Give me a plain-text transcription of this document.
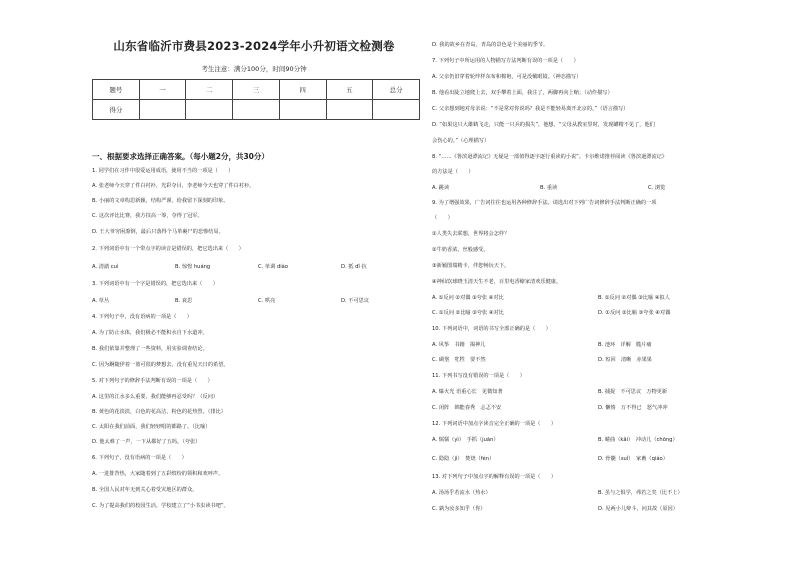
山东省临沂市费县2023-2024学年小升初语文检测卷
考生注意：满分100分，时间90分钟
题号	一	二	三	四	五	总分
得分						
一、根据要求选择正确答案。（每小题2分，共30分）
1. 同学们在习作中很爱运用成语，使用不当的一项是（　　）
A. 张老师今天穿了件白衬衫，光彩夺目，李老师今天也穿了件白衬衫。
B. 小丽的文章构思新颖，结构严谨，给我留下深刻的印象。
C. 这次评比比赛，我方技高一筹，夺得了冠军。
D. 王大爷穷困潦倒，最后只落得个马革裹尸的悲惨结局。
2. 下列词语中有一个带点字的读音是错误的，把它选出来（　　）
A. 清澈 cuì	B. 惊惶 huáng	C. 单调 diào	D. 抵 dǐ 抗
3. 下列词语中有一个字是错误的，把它选出来（　　）
A. 草丛	B. 衰思	C. 哄亮	D. 不可思议
4. 下列句子中，没有语病的一项是（　　）
A. 为了防止水体，我们极必不能积水自下水道冲。
B. 我们依靠并整理了一些资料，用实验调查结论。
C. 因为錒随伊着一篮可很的梦想去，没有重见天日的希望。
5. 对下列句子的修辞手法判断有误的一项是（　　）
A. 这里的江水多么重要，我们能够再忍受吗？（反问）
B. 黄色的花淡淡，白色的花高洁，粉色的花热烈。（排比）
C. 太阳在我们前面，我们轻轻唱的都路了。（比喻）
D. 他太难了一声，一下从都好了五吗。（夸张）
6. 下列句子，没有语病的一项是（　　）
A. 一进排背热，大家随着到了五彩缤纷的领积和欢呼声。
B. 全国人民对年无到关心着受灾地区的群众。
C. 为了提高我们的校园生活，学校建立了“小书虫读书吧”。
D. 我的故乡在青岛，青岛的景色是个美丽的季节。
7. 下列句子中所运用的人物描写方法判断有误的一项是（　　）
A. 父亲仍旧穿着轮绊样东布和棉袍，可是没戴眼镜。（神态描写）
B. 他看出陡立地爬上去，双手攀着上面，我注了，两脚再向上缩；（动作描写）
C. 父亲想到地对母亲说：“不是常对你说吗？我是不能轻易离开北京的。”（语言描写）
D. “如果这只大雄鹤飞走，只能一只兵的损失”，他想，“父母从教室里时，发现罐精不见了，他们
会伤心的。”（心理描写）
8. “……《鲁滨逊漂流记》无疑是一部值得逐字逐行重读的小说”。卡尔维诺推荐阅读《鲁滨逊漂流记》
的方法是（　　）
A. 跳读	B. 重读	C. 浏览
9. 为了增强效果，广告词往往也运用各种修辞手法。请选出对下列广告词修辞手法判断正确的一项
（　　）
①人类失去联想，世界将会怎样？
②牛奶香浓，丝般感受。
③新颖图瑞精卡，伴您畅玩天下。
④神仙饮球晓玉清天生不老，百里电香缭家清欢乐健康。
A. ①反问 ②对偶 ③夸张 ④对比	B. ①反问 ②对偶 ③比喻 ④拟人
C. ①反问 ②比喻 ③夸张 ④对比	D. ①反问 ②比喻 ③夸张 ④对偶
10. 下列词语中，词语的书写全部正确的是（　　）
A. 风筝　书籍　揭神儿	B. 池环　详解　脆片痛
C. 碉堡　牝牲　要不然	D. 短回　清晰　赤果果
11. 下列书写没有错误的一项是（　　）
A. 爆火光 语重心长　见微知著	B. 捕捉　不可思议　万物更新
C. 闭阵　锦能春秀　忐忑不安	D. 懒惰　万不得已　怒气冲冲
12. 下列词语中加点字读音完全正确的一项是（　　）
A. 懦懦（yì）　手抓（juān）	B. 蜷曲（kǎi）　冲动儿（chōng）
C. 隐隐（jì）　焚烧（fén）	D. 骨髓（suǐ）　家畜（qiáo）
13. 对下列句子中加点字的解释有误的一项是（　　）
A. 汤汤乎若流水（热水）	B. 虽与之俱学，弗若之矣（比不上）
C. 孰为汝多知乎（你）	D. 见两小儿辩斗，问其故（原因）
